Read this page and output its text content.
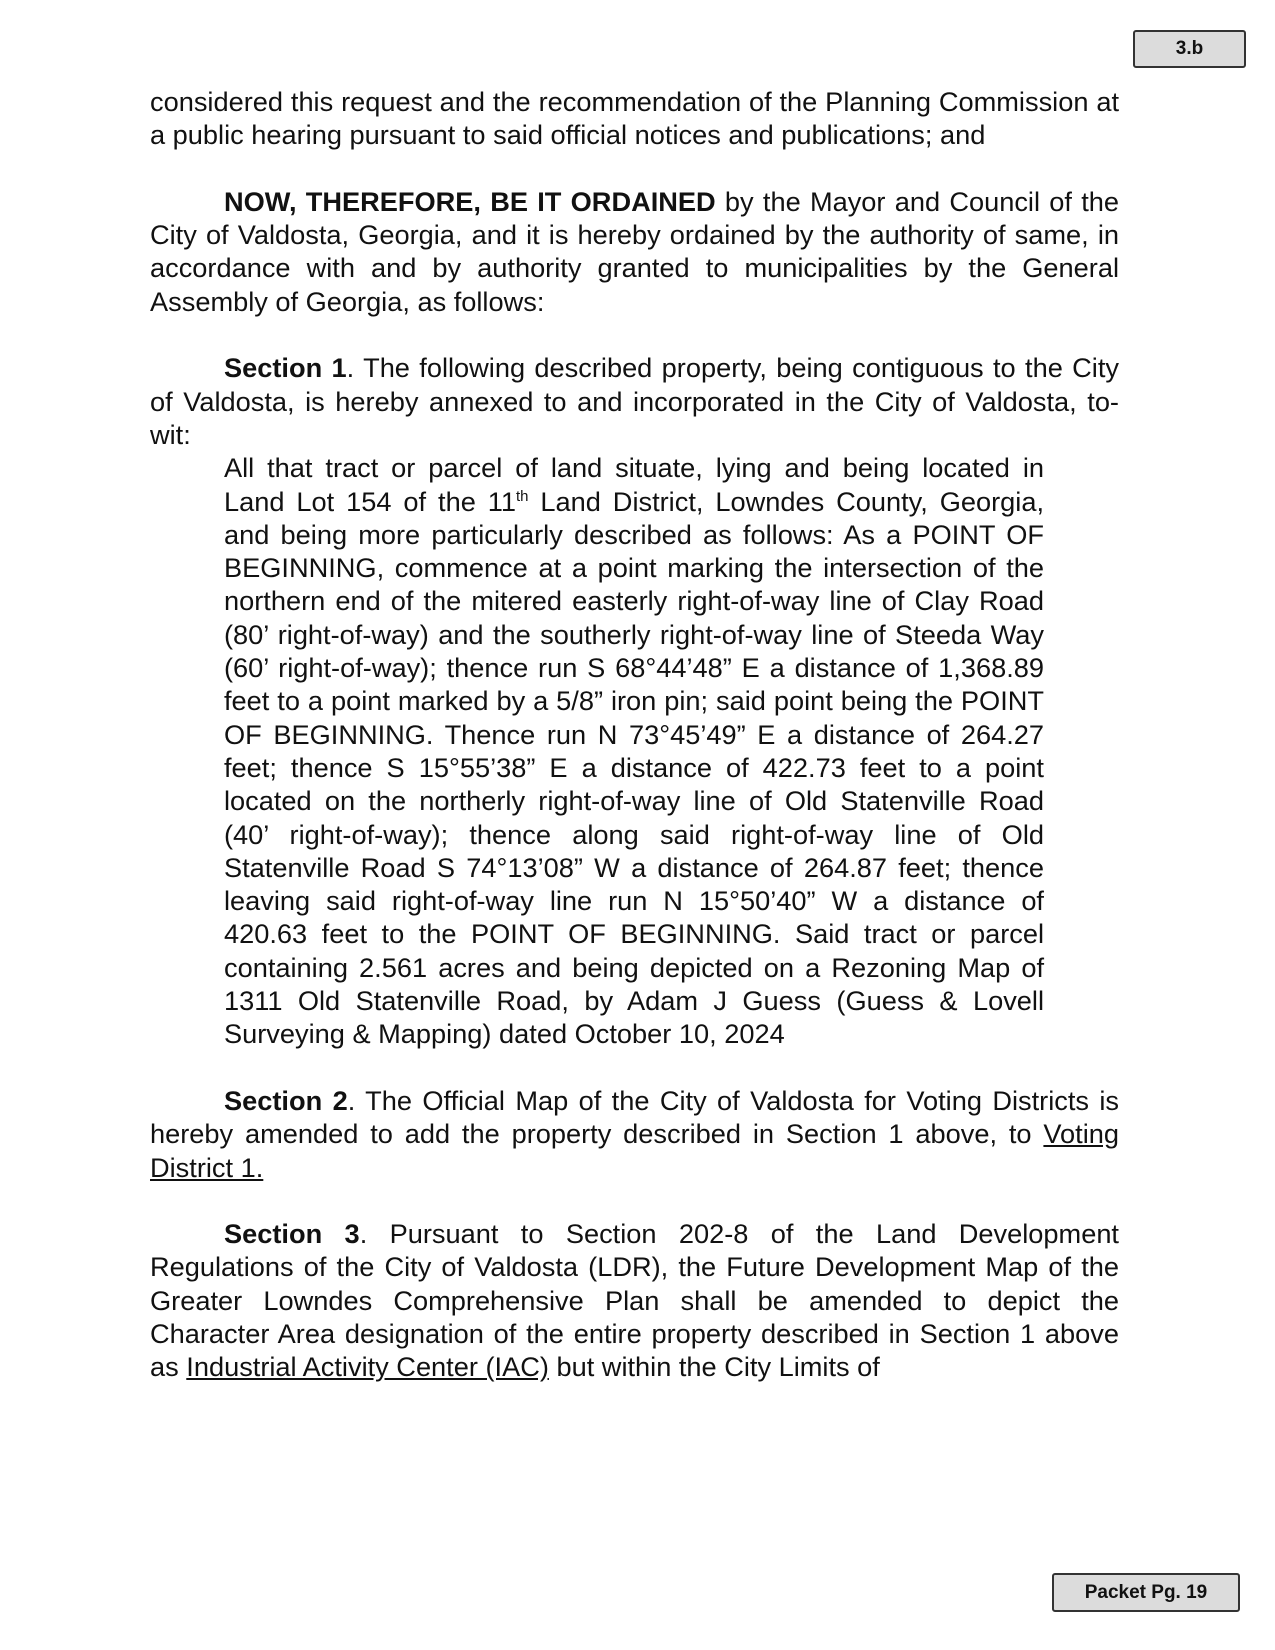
3.b

considered this request and the recommendation of the Planning Commission at a public hearing pursuant to said official notices and publications; and

NOW, THEREFORE, BE IT ORDAINED by the Mayor and Council of the City of Valdosta, Georgia, and it is hereby ordained by the authority of same, in accordance with and by authority granted to municipalities by the General Assembly of Georgia, as follows:

Section 1. The following described property, being contiguous to the City of Valdosta, is hereby annexed to and incorporated in the City of Valdosta, to-wit:

All that tract or parcel of land situate, lying and being located in Land Lot 154 of the 11th Land District, Lowndes County, Georgia, and being more particularly described as follows: As a POINT OF BEGINNING, commence at a point marking the intersection of the northern end of the mitered easterly right-of-way line of Clay Road (80’ right-of-way) and the southerly right-of-way line of Steeda Way (60’ right-of-way); thence run S 68°44’48” E a distance of 1,368.89 feet to a point marked by a 5/8” iron pin; said point being the POINT OF BEGINNING. Thence run N 73°45’49” E a distance of 264.27 feet; thence S 15°55’38” E a distance of 422.73 feet to a point located on the northerly right-of-way line of Old Statenville Road (40’ right-of-way); thence along said right-of-way line of Old Statenville Road S 74°13’08” W a distance of 264.87 feet; thence leaving said right-of-way line run N 15°50’40” W a distance of 420.63 feet to the POINT OF BEGINNING. Said tract or parcel containing 2.561 acres and being depicted on a Rezoning Map of 1311 Old Statenville Road, by Adam J Guess (Guess & Lovell Surveying & Mapping) dated October 10, 2024

Section 2. The Official Map of the City of Valdosta for Voting Districts is hereby amended to add the property described in Section 1 above, to Voting District 1.

Section 3. Pursuant to Section 202-8 of the Land Development Regulations of the City of Valdosta (LDR), the Future Development Map of the Greater Lowndes Comprehensive Plan shall be amended to depict the Character Area designation of the entire property described in Section 1 above as Industrial Activity Center (IAC) but within the City Limits of

Packet Pg. 19
